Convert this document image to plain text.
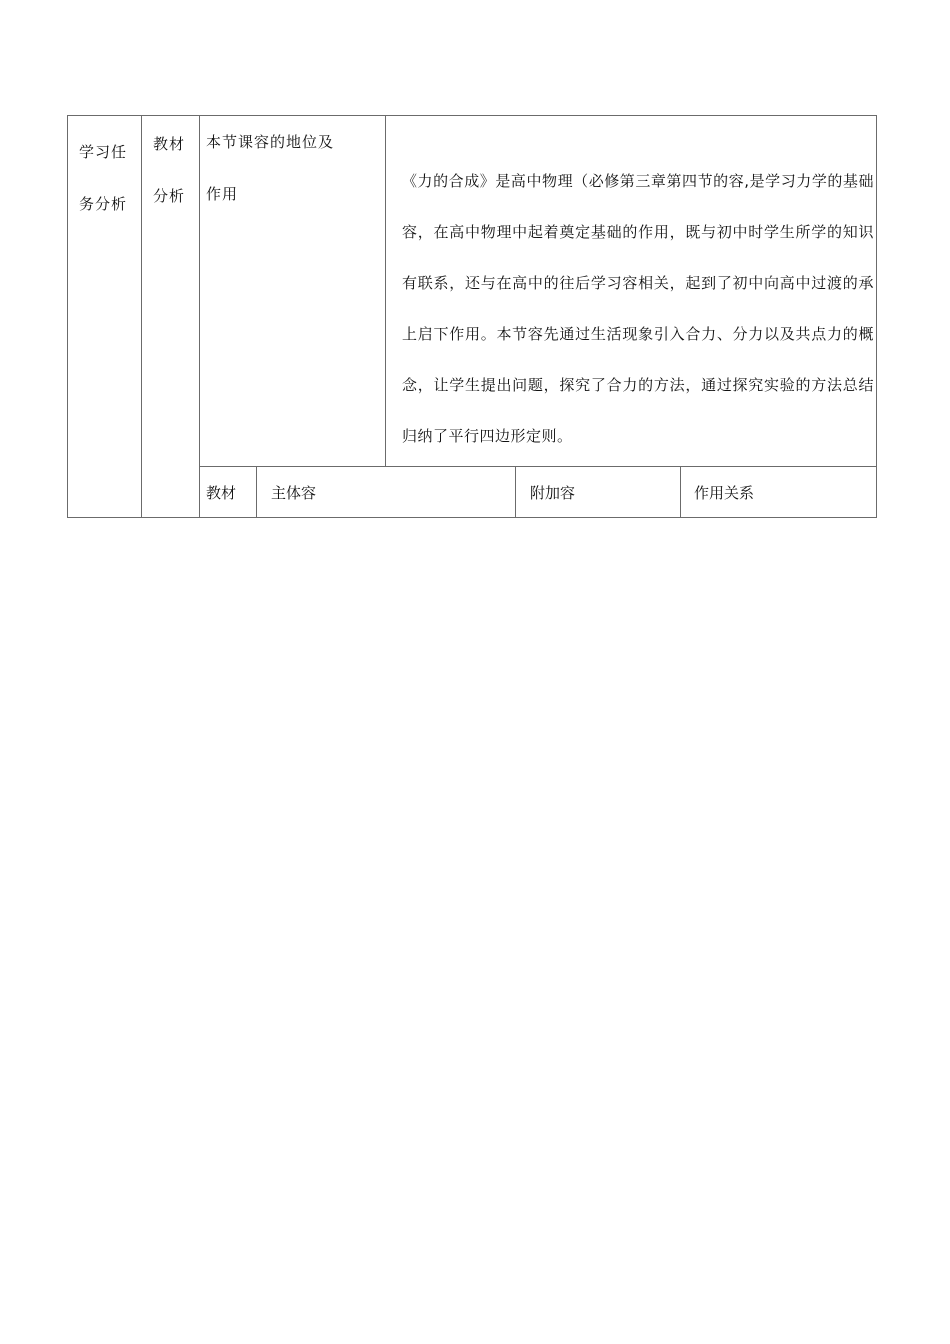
学习任
务分析
教材
分析
本节课容的地位及
作用
《力的合成》是高中物理（必修第三章第四节的容,是学习力学的基础容，在高中物理中起着奠定基础的作用，既与初中时学生所学的知识有联系，还与在高中的往后学习容相关，起到了初中向高中过渡的承上启下作用。本节容先通过生活现象引入合力、分力以及共点力的概念，让学生提出问题，探究了合力的方法，通过探究实验的方法总结归纳了平行四边形定则。
教材 主体容	附加容	作用关系
